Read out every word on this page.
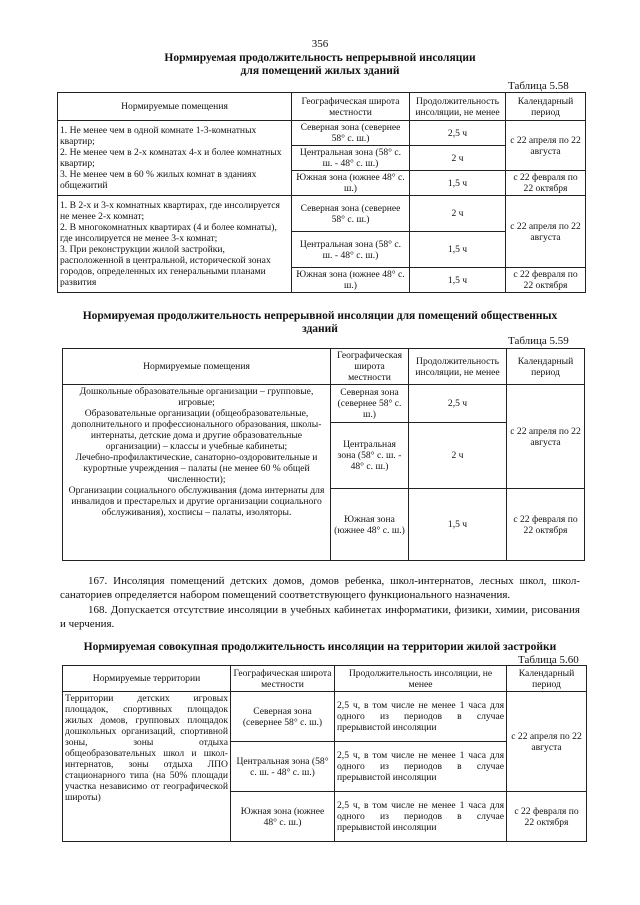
356
Нормируемая продолжительность непрерывной инсоляции
для помещений жилых зданий
Таблица 5.58
Нормируемые помещения	Географическая широта местности	Продолжительность инсоляции, не менее	Календарный период
1. Не менее чем в одной комнате 1-3-комнатных квартир;
2. Не менее чем в 2-х комнатах 4-х и более комнатных квартир;
3. Не менее чем в 60 % жилых комнат в зданиях общежитий	Северная зона (севернее 58° с. ш.)	2,5 ч	с 22 апреля по 22 августа
	Центральная зона (58° с. ш. - 48° с. ш.)	2 ч	
	Южная зона (южнее 48° с. ш.)	1,5 ч	с 22 февраля по 22 октября
1. В 2-х и 3-х комнатных квартирах, где инсолируется не менее 2-х комнат;
2. В многокомнатных квартирах (4 и более комнаты), где инсолируется не менее 3-х комнат;
3. При реконструкции жилой застройки, расположенной в центральной, исторической зонах городов, определенных их генеральными планами развития	Северная зона (севернее 58° с. ш.)	2 ч	с 22 апреля по 22 августа
	Центральная зона (58° с. ш. - 48° с. ш.)	1,5 ч	
	Южная зона (южнее 48° с. ш.)	1,5 ч	с 22 февраля по 22 октября
Нормируемая продолжительность непрерывной инсоляции для помещений общественных
зданий
Таблица 5.59
Нормируемые помещения	Географическая широта местности	Продолжительность инсоляции, не менее	Календарный период

Дошкольные образовательные организации – групповые, игровые;
Образовательные организации (общеобразовательные, дополнительного и профессионального образования, школы-интернаты, детские дома и другие образовательные организации) – классы и учебные кабинеты;
Лечебно-профилактические, санаторно-оздоровительные и курортные учреждения – палаты (не менее 60 % общей численности);
Организации социального обслуживания (дома интернаты для инвалидов и престарелых и другие организации социального обслуживания), хосписы – палаты, изоляторы.	Северная зона (севернее 58° с. ш.)	2,5 ч	с 22 апреля по 22 августа
	Центральная зона (58° с. ш. - 48° с. ш.)	2 ч	
	Южная зона (южнее 48° с. ш.)	1,5 ч	с 22 февраля по 22 октября
167. Инсоляция помещений детских домов, домов ребенка, школ-интернатов, лесных школ, школ-санаториев определяется набором помещений соответствующего функционального назначения.
168. Допускается отсутствие инсоляции в учебных кабинетах информатики, физики, химии, рисования и черчения.
Нормируемая совокупная продолжительность инсоляции на территории жилой застройки
Таблица 5.60
Нормируемые территории	Географическая широта местности	Продолжительность инсоляции, не менее	Календарный период
Территории детских игровых площадок, спортивных площадок жилых домов, групповых площадок дошкольных организаций, спортивной зоны, зоны отдыха общеобразовательных школ и школ-интернатов, зоны отдыха ЛПО стационарного типа (на 50% площади участка независимо от географической широты)	Северная зона (севернее 58° с. ш.)	2,5 ч, в том числе не менее 1 часа для одного из периодов в случае прерывистой инсоляции	с 22 апреля по 22 августа
	Центральная зона (58° с. ш. - 48° с. ш.)	2,5 ч, в том числе не менее 1 часа для одного из периодов в случае прерывистой инсоляции	
	Южная зона (южнее 48° с. ш.)	2,5 ч, в том числе не менее 1 часа для одного из периодов в случае прерывистой инсоляции	с 22 февраля по 22 октября
